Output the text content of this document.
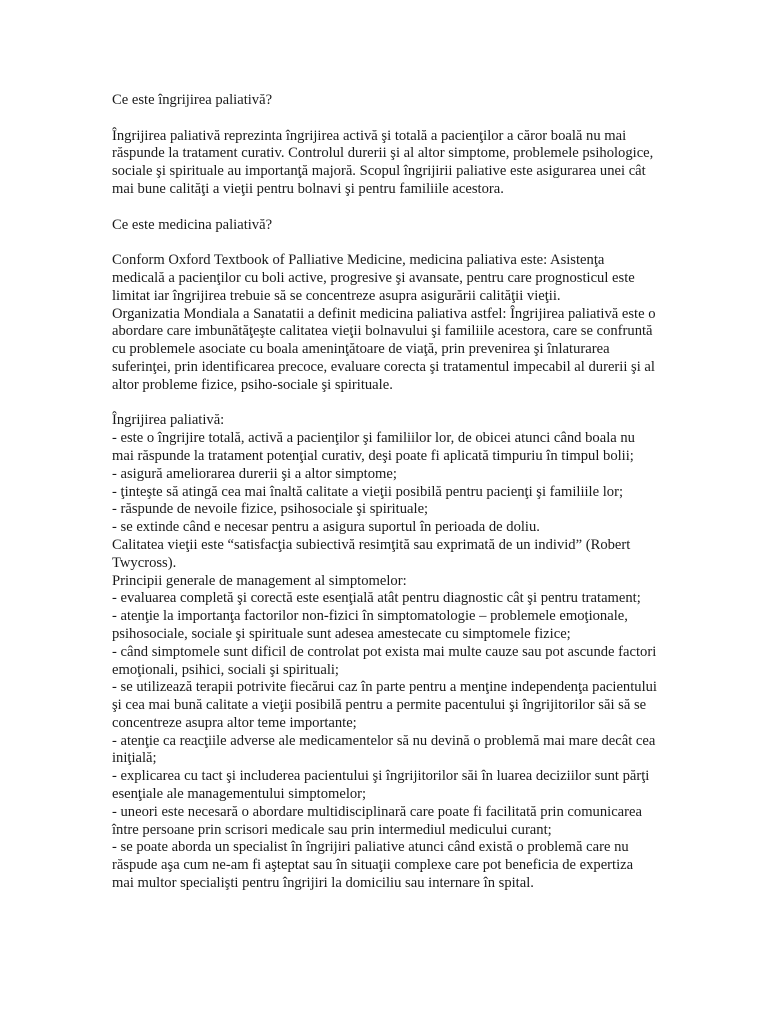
Ce este îngrijirea paliativă?

Îngrijirea paliativă reprezinta îngrijirea activă şi totală a pacienţilor a căror boală nu mai răspunde la tratament curativ. Controlul durerii şi al altor simptome, problemele psihologice, sociale şi spirituale au importanţă majoră. Scopul îngrijirii paliative este asigurarea unei cât mai bune calităţi a vieţii pentru bolnavi şi pentru familiile acestora.

Ce este medicina paliativă?

Conform Oxford Textbook of Palliative Medicine, medicina paliativa este: Asistenţa medicală a pacienţilor cu boli active, progresive şi avansate, pentru care prognosticul este limitat iar îngrijirea trebuie să se concentreze asupra asigurării calităţii vieţii.

Organizatia Mondiala a Sanatatii a definit medicina paliativa astfel: Îngrijirea paliativă este o abordare care imbunătăţeşte calitatea vieţii bolnavului şi familiile acestora, care se confruntă cu problemele asociate cu boala ameninţătoare de viaţă, prin prevenirea şi înlaturarea suferinţei, prin identificarea precoce, evaluare corecta şi tratamentul impecabil al durerii şi al altor probleme fizice, psiho-sociale şi spirituale.

Îngrijirea paliativă:

- este o îngrijire totală, activă a pacienţilor şi familiilor lor, de obicei atunci când boala nu mai răspunde la tratament potenţial curativ, deşi poate fi aplicată timpuriu în timpul bolii;

- asigură ameliorarea durerii şi a altor simptome;

- ţinteşte să atingă cea mai înaltă calitate a vieţii posibilă pentru pacienţi şi familiile lor;

- răspunde de nevoile fizice, psihosociale şi spirituale;

- se extinde când e necesar pentru a asigura suportul în perioada de doliu.

Calitatea vieţii este “satisfacţia subiectivă resimţită sau exprimată de un individ” (Robert Twycross).

Principii generale de management al simptomelor:

- evaluarea completă şi corectă este esenţială atât pentru diagnostic cât şi pentru tratament;

- atenţie la importanţa factorilor non-fizici în simptomatologie – problemele emoţionale, psihosociale, sociale şi spirituale sunt adesea amestecate cu simptomele fizice;

- când simptomele sunt dificil de controlat pot exista mai multe cauze sau pot ascunde factori emoţionali, psihici, sociali şi spirituali;

- se utilizează terapii potrivite fiecărui caz în parte pentru a menţine independenţa pacientului şi cea mai bună calitate a vieţii posibilă pentru a permite pacentului şi îngrijitorilor săi să se concentreze asupra altor teme importante;

- atenţie ca reacţiile adverse ale medicamentelor să nu devină o problemă mai mare decât cea iniţială;

- explicarea cu tact şi includerea pacientului şi îngrijitorilor săi în luarea deciziilor sunt părţi esenţiale ale managementului simptomelor;

- uneori este necesară o abordare multidisciplinară care poate fi facilitată prin comunicarea între persoane prin scrisori medicale sau prin intermediul medicului curant;

- se poate aborda un specialist în îngrijiri paliative atunci când există o problemă care nu răspude aşa cum ne-am fi aşteptat sau în situaţii complexe care pot beneficia de expertiza mai multor specialişti pentru îngrijiri la domiciliu sau internare în spital.
